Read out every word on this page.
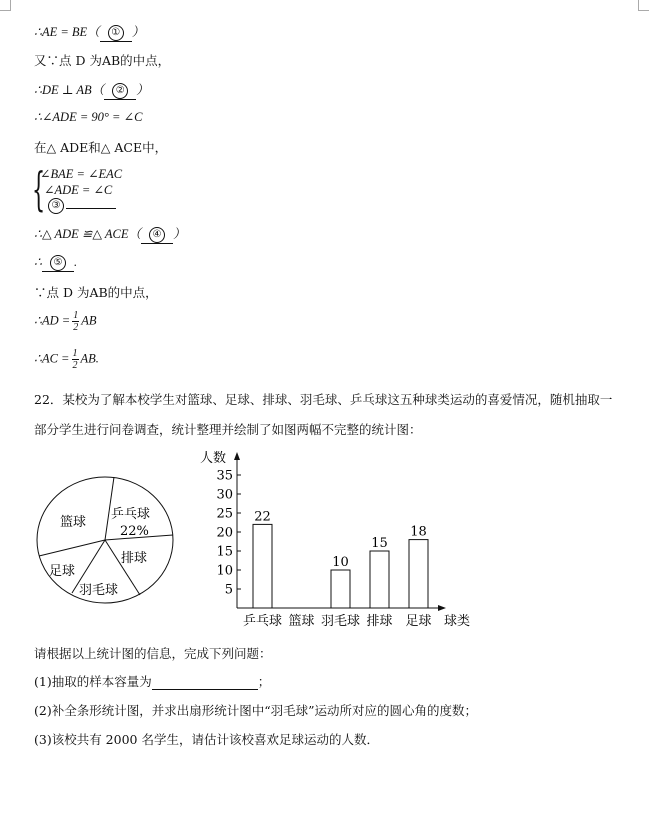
∴AE = BE（ ① ）
又∵点 D 为AB的中点，
∴DE ⊥ AB（ ② ）
∴∠ADE = 90° = ∠C
在△ ADE和△ ACE中，
{
∠BAE = ∠EAC
∠ADE = ∠C
③
∴△ ADE ≌△ ACE（ ④ ）
∴ ⑤ .
∵点 D 为AB的中点，
∴AD = $\frac{1}{2}$ AB
∴AC = $\frac{1}{2}$ AB.
22．某校为了解本校学生对篮球、足球、排球、羽毛球、乒乓球这五种球类运动的喜爱情况，随机抽取一
部分学生进行问卷调查，统计整理并绘制了如图两幅不完整的统计图：
篮球
乒乓球
22%
排球
足球
羽毛球
人数
5
10
15
20
25
30
35
22
乒乓球 篮球
10
羽毛球
15
排球
18
足球 球类
请根据以上统计图的信息，完成下列问题：
(1)抽取的样本容量为	；
(2)补全条形统计图，并求出扇形统计图中“羽毛球”运动所对应的圆心角的度数；
(3)该校共有 2000 名学生，请估计该校喜欢足球运动的人数．
